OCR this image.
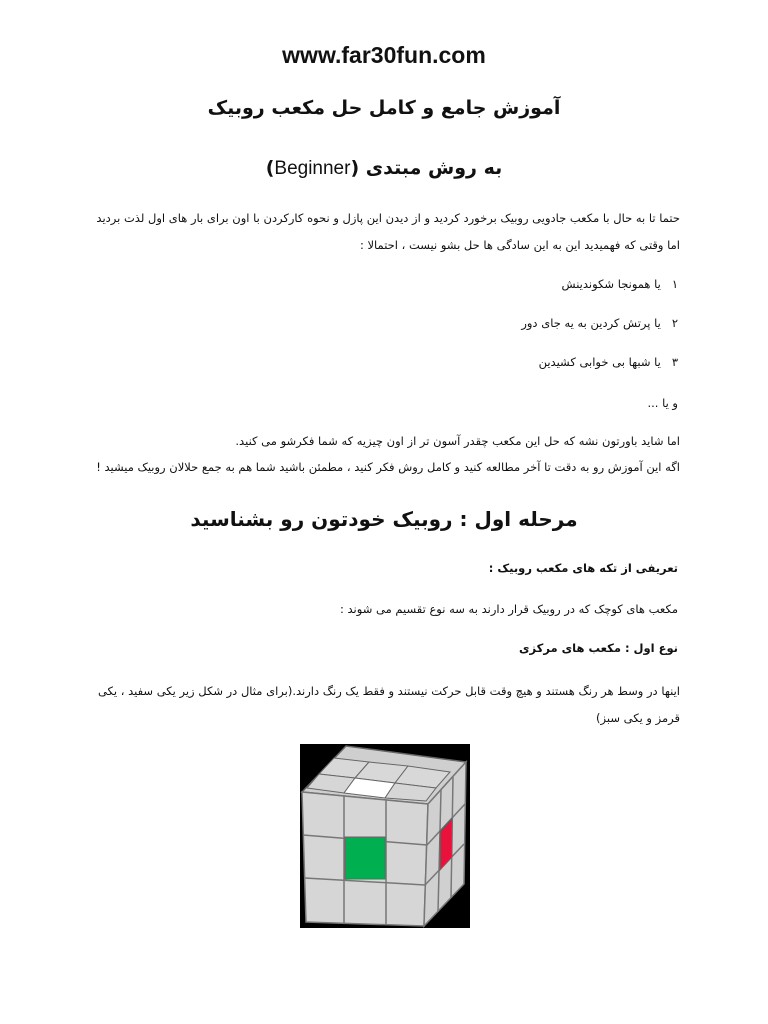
www.far30fun.com
آموزش جامع و کامل حل مکعب روبیک
به روش مبتدی (Beginner)
حتما تا به حال با مکعب جادویی روبیک برخورد کردید و از دیدن این پازل و نحوه کارکردن با اون برای بار های اول لذت بردید اما وقتی که فهمیدید این به این سادگی ها حل بشو نیست ، احتمالا :
۱   یا همونجا شکوندینش
۲   یا پرتش کردین به یه جای دور
۳   یا شبها بی خوابی کشیدین
و یا ...
اما شاید باورتون نشه که حل این مکعب چقدر آسون تر از اون چیزیه که شما فکرشو می کنید.
اگه این آموزش رو به دقت تا آخر مطالعه کنید و کامل روش فکر کنید ، مطمئن باشید شما هم به جمع حلالان روبیک میشید !
مرحله اول : روبیک خودتون رو بشناسید
تعریفی از تکه های مکعب روبیک :
مکعب های کوچک که در روبیک قرار دارند به سه نوع تقسیم می شوند :
نوع اول : مکعب های مرکزی
اینها در وسط هر رنگ هستند و هیچ وقت قابل حرکت نیستند و فقط یک رنگ دارند.(برای مثال در شکل زیر یکی سفید ، یکی قرمز و یکی سبز)
